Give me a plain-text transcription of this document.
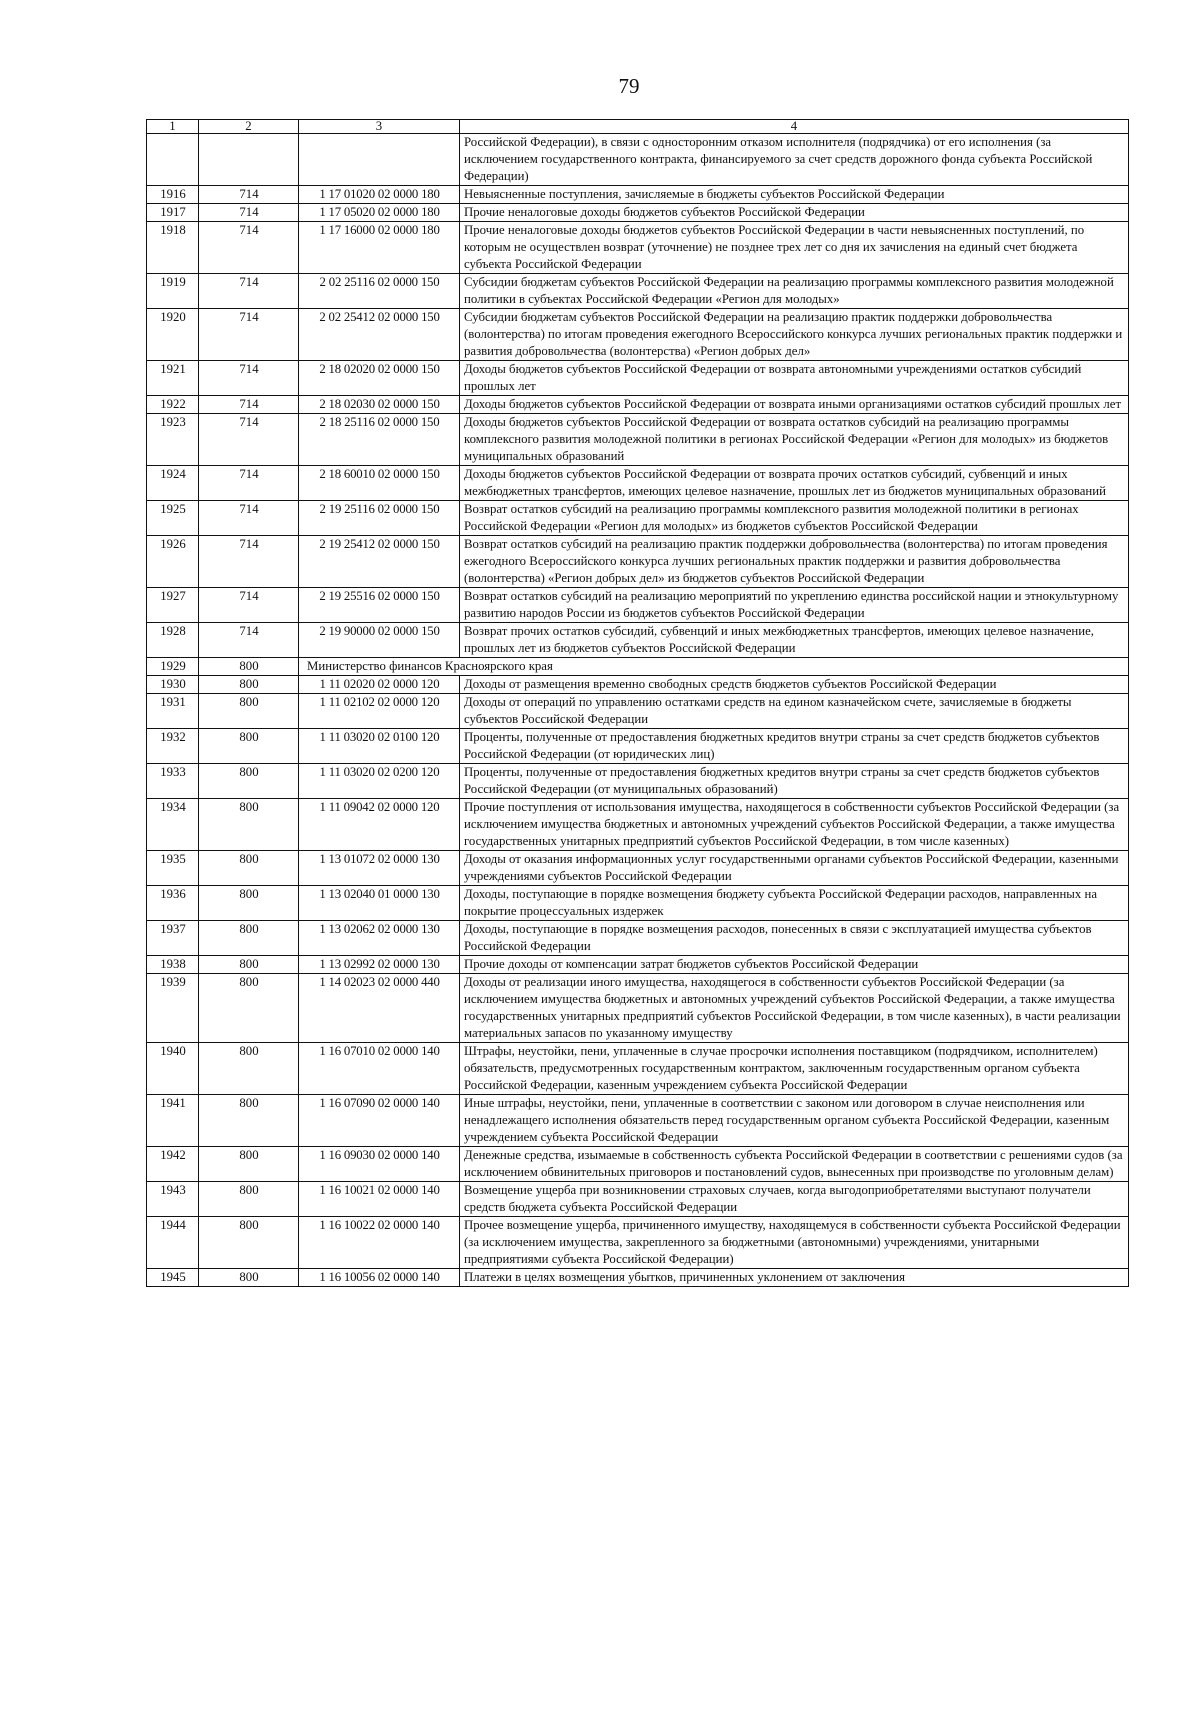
79
1	2	3	4
			Российской Федерации), в связи с односторонним отказом исполнителя (подрядчика) от его исполнения (за исключением государственного контракта, финансируемого за счет средств дорожного фонда субъекта Российской Федерации)
1916	714	1 17 01020 02 0000 180	Невыясненные поступления, зачисляемые в бюджеты субъектов Российской Федерации
1917	714	1 17 05020 02 0000 180	Прочие неналоговые доходы бюджетов субъектов Российской Федерации
1918	714	1 17 16000 02 0000 180	Прочие неналоговые доходы бюджетов субъектов Российской Федерации в части невыясненных поступлений, по которым не осуществлен возврат (уточнение) не позднее трех лет со дня их зачисления на единый счет бюджета субъекта Российской Федерации
1919	714	2 02 25116 02 0000 150	Субсидии бюджетам субъектов Российской Федерации на реализацию программы комплексного развития молодежной политики в субъектах Российской Федерации «Регион для молодых»
1920	714	2 02 25412 02 0000 150	Субсидии бюджетам субъектов Российской Федерации на реализацию практик поддержки добровольчества (волонтерства) по итогам проведения ежегодного Всероссийского конкурса лучших региональных практик поддержки и развития добровольчества (волонтерства) «Регион добрых дел»
1921	714	2 18 02020 02 0000 150	Доходы бюджетов субъектов Российской Федерации от возврата автономными учреждениями остатков субсидий прошлых лет
1922	714	2 18 02030 02 0000 150	Доходы бюджетов субъектов Российской Федерации от возврата иными организациями остатков субсидий прошлых лет
1923	714	2 18 25116 02 0000 150	Доходы бюджетов субъектов Российской Федерации от возврата остатков субсидий на реализацию программы комплексного развития молодежной политики в регионах Российской Федерации «Регион для молодых» из бюджетов муниципальных образований
1924	714	2 18 60010 02 0000 150	Доходы бюджетов субъектов Российской Федерации от возврата прочих остатков субсидий, субвенций и иных межбюджетных трансфертов, имеющих целевое назначение, прошлых лет из бюджетов муниципальных образований
1925	714	2 19 25116 02 0000 150	Возврат остатков субсидий на реализацию программы комплексного развития молодежной политики в регионах Российской Федерации «Регион для молодых» из бюджетов субъектов Российской Федерации
1926	714	2 19 25412 02 0000 150	Возврат остатков субсидий на реализацию практик поддержки добровольчества (волонтерства) по итогам проведения ежегодного Всероссийского конкурса лучших региональных практик поддержки и развития добровольчества (волонтерства) «Регион добрых дел» из бюджетов субъектов Российской Федерации
1927	714	2 19 25516 02 0000 150	Возврат остатков субсидий на реализацию мероприятий по укреплению единства российской нации и этнокультурному развитию народов России из бюджетов субъектов Российской Федерации
1928	714	2 19 90000 02 0000 150	Возврат прочих остатков субсидий, субвенций и иных межбюджетных трансфертов, имеющих целевое назначение, прошлых лет из бюджетов субъектов Российской Федерации
1929	800	Министерство финансов Красноярского края	
1930	800	1 11 02020 02 0000 120	Доходы от размещения временно свободных средств бюджетов субъектов Российской Федерации
1931	800	1 11 02102 02 0000 120	Доходы от операций по управлению остатками средств на едином казначейском счете, зачисляемые в бюджеты субъектов Российской Федерации
1932	800	1 11 03020 02 0100 120	Проценты, полученные от предоставления бюджетных кредитов внутри страны за счет средств бюджетов субъектов Российской Федерации (от юридических лиц)
1933	800	1 11 03020 02 0200 120	Проценты, полученные от предоставления бюджетных кредитов внутри страны за счет средств бюджетов субъектов Российской Федерации (от муниципальных образований)
1934	800	1 11 09042 02 0000 120	Прочие поступления от использования имущества, находящегося в собственности субъектов Российской Федерации (за исключением имущества бюджетных и автономных учреждений субъектов Российской Федерации, а также имущества государственных унитарных предприятий субъектов Российской Федерации, в том числе казенных)
1935	800	1 13 01072 02 0000 130	Доходы от оказания информационных услуг государственными органами субъектов Российской Федерации, казенными учреждениями субъектов Российской Федерации
1936	800	1 13 02040 01 0000 130	Доходы, поступающие в порядке возмещения бюджету субъекта Российской Федерации расходов, направленных на покрытие процессуальных издержек
1937	800	1 13 02062 02 0000 130	Доходы, поступающие в порядке возмещения расходов, понесенных в связи с эксплуатацией имущества субъектов Российской Федерации
1938	800	1 13 02992 02 0000 130	Прочие доходы от компенсации затрат бюджетов субъектов Российской Федерации
1939	800	1 14 02023 02 0000 440	Доходы от реализации иного имущества, находящегося в собственности субъектов Российской Федерации (за исключением имущества бюджетных и автономных учреждений субъектов Российской Федерации, а также имущества государственных унитарных предприятий субъектов Российской Федерации, в том числе казенных), в части реализации материальных запасов по указанному имуществу
1940	800	1 16 07010 02 0000 140	Штрафы, неустойки, пени, уплаченные в случае просрочки исполнения поставщиком (подрядчиком, исполнителем) обязательств, предусмотренных государственным контрактом, заключенным государственным органом субъекта Российской Федерации, казенным учреждением субъекта Российской Федерации
1941	800	1 16 07090 02 0000 140	Иные штрафы, неустойки, пени, уплаченные в соответствии с законом или договором в случае неисполнения или ненадлежащего исполнения обязательств перед государственным органом субъекта Российской Федерации, казенным учреждением субъекта Российской Федерации
1942	800	1 16 09030 02 0000 140	Денежные средства, изымаемые в собственность субъекта Российской Федерации в соответствии с решениями судов (за исключением обвинительных приговоров и постановлений судов, вынесенных при производстве по уголовным делам)
1943	800	1 16 10021 02 0000 140	Возмещение ущерба при возникновении страховых случаев, когда выгодоприобретателями выступают получатели средств бюджета субъекта Российской Федерации
1944	800	1 16 10022 02 0000 140	Прочее возмещение ущерба, причиненного имуществу, находящемуся в собственности субъекта Российской Федерации (за исключением имущества, закрепленного за бюджетными (автономными) учреждениями, унитарными предприятиями субъекта Российской Федерации)
1945	800	1 16 10056 02 0000 140	Платежи в целях возмещения убытков, причиненных уклонением от заключения
